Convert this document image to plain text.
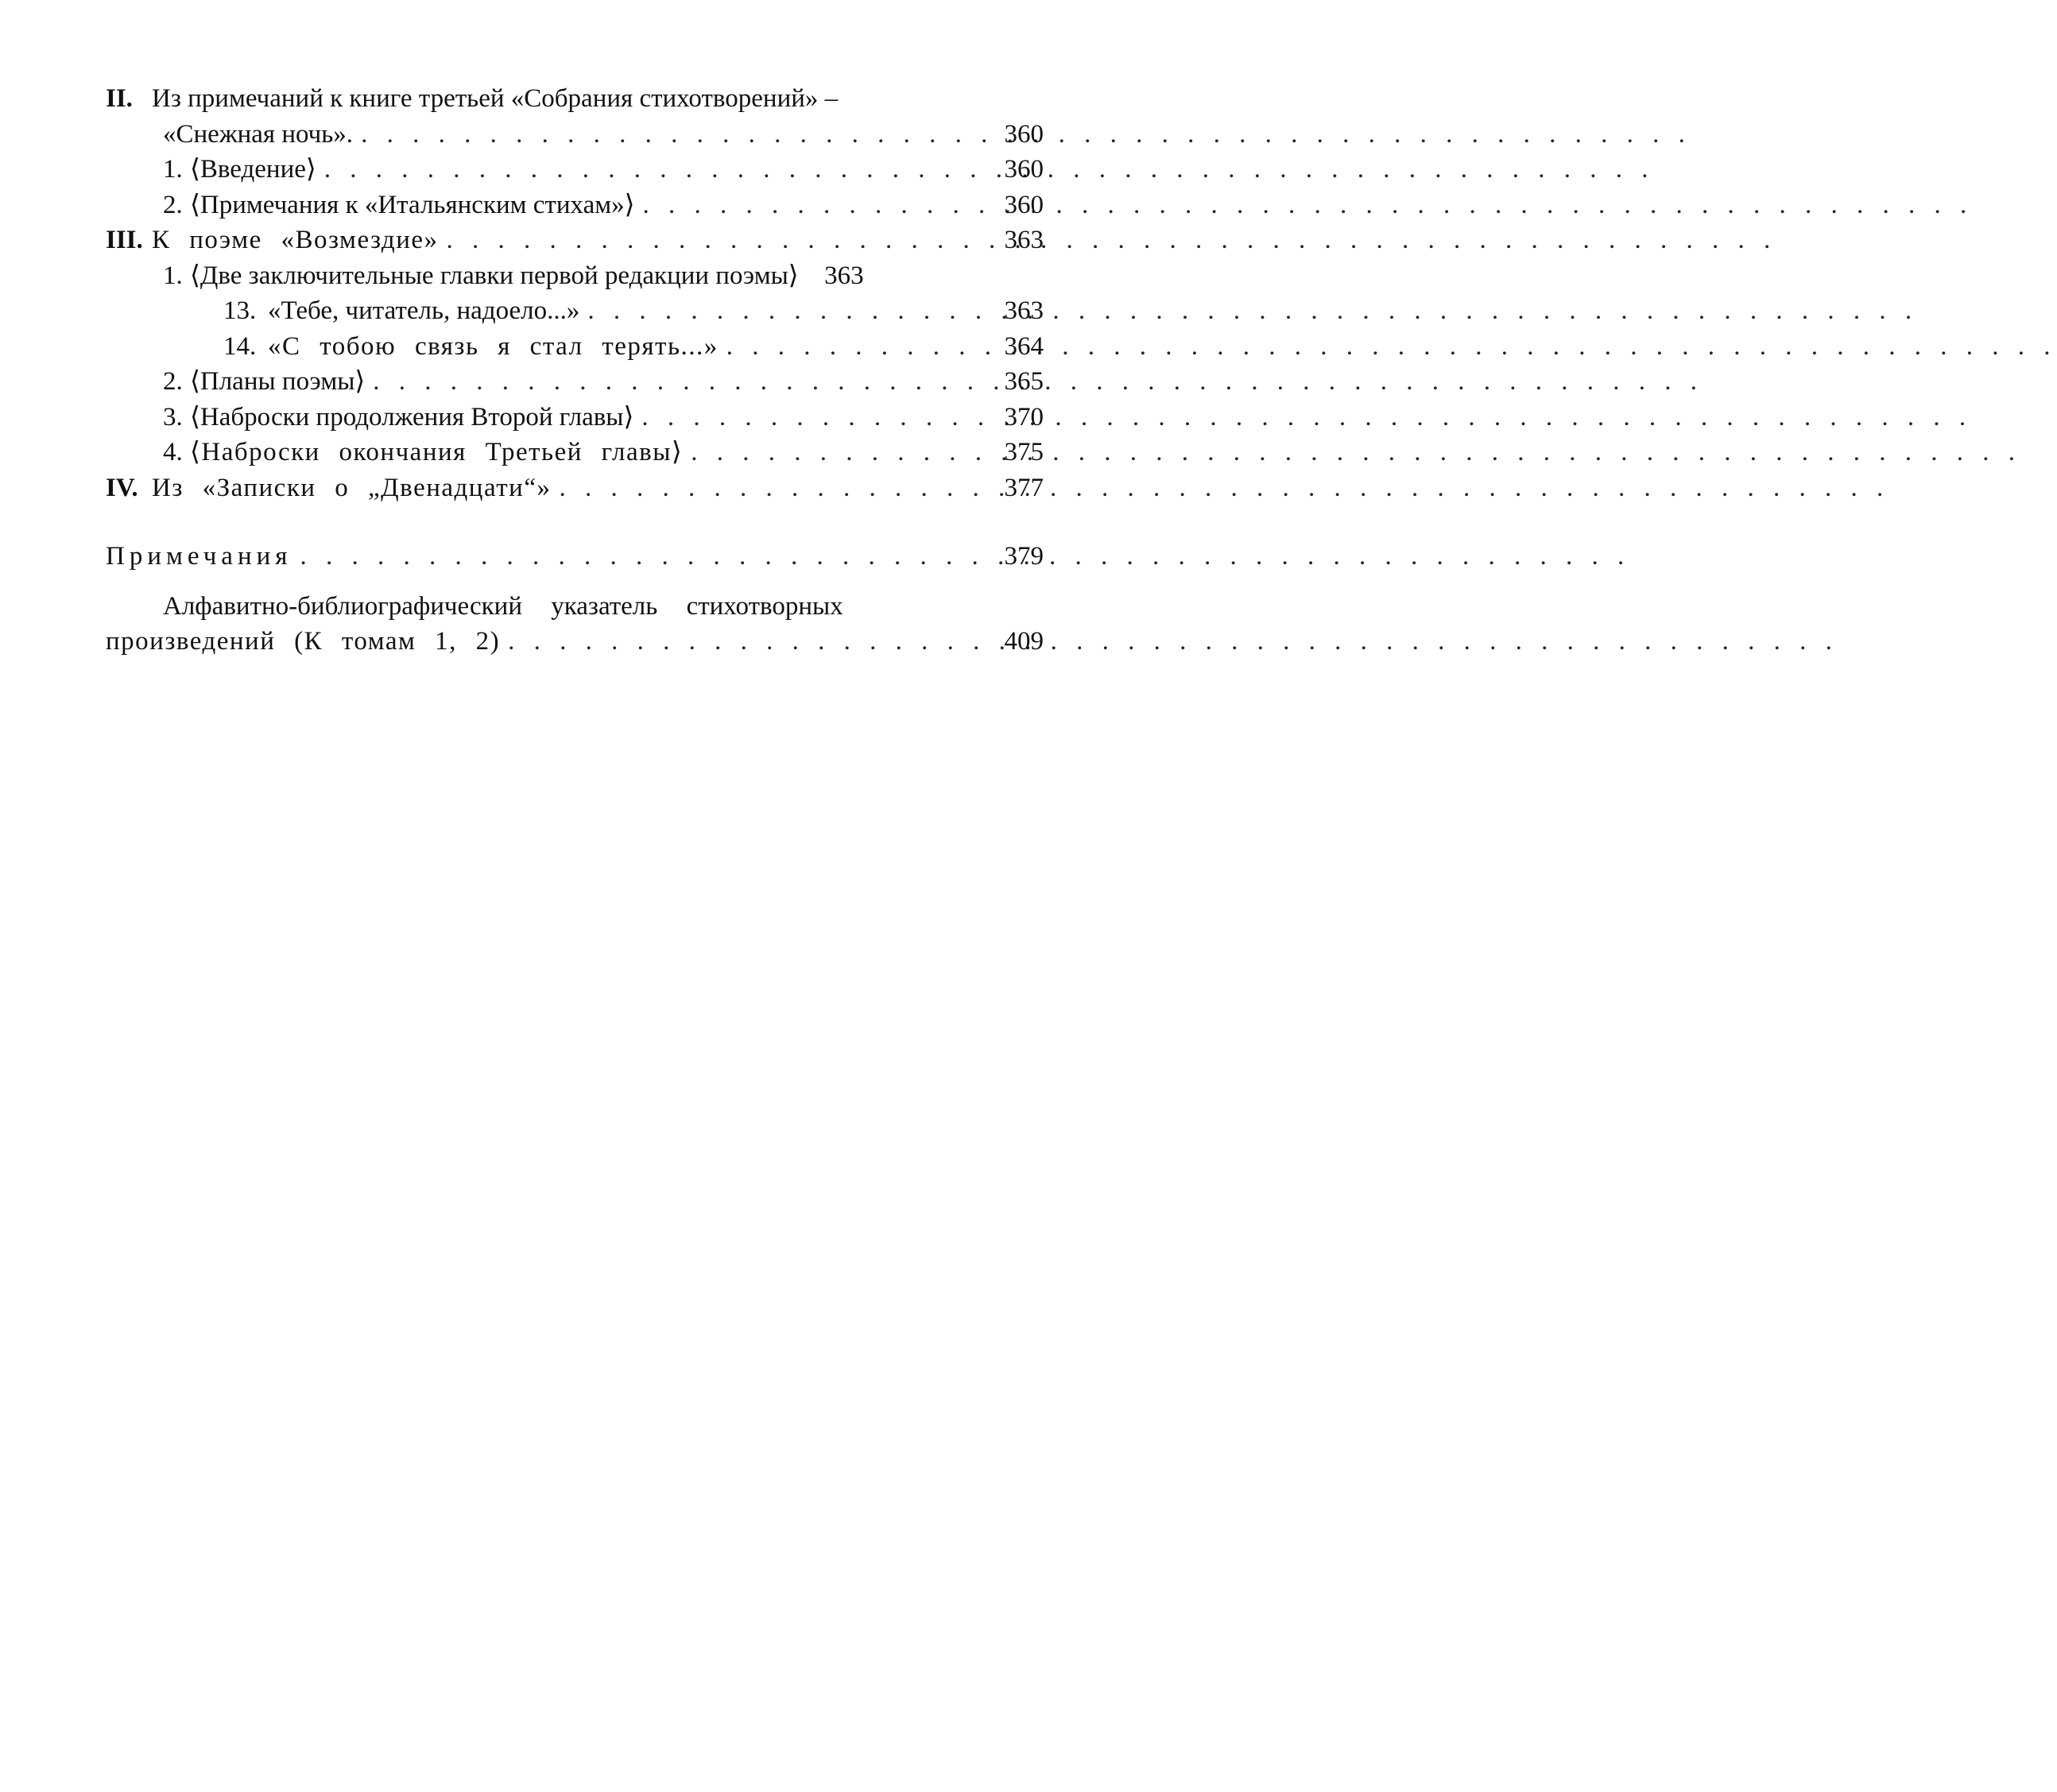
II. Из примечаний к книге третьей «Собрания стихотворений» –
«Снежная ночь». . . .	360
1. ⟨Введение⟩ . . .	360
2. ⟨Примечания к «Итальянским стихам»⟩ . . .	360
III. К поэме «Возмездие» . . .	363
1. ⟨Две заключительные главки первой редакции поэмы⟩ 363
13. «Тебе, читатель, надоело...» . . .	363
14. «С тобою связь я стал терять...» . . .	364
2. ⟨Планы поэмы⟩ . . .	365
3. ⟨Наброски продолжения Второй главы⟩ . . .	370
4. ⟨Наброски окончания Третьей главы⟩ . . .	375
IV. Из «Записки о „Двенадцати“» . . .	377
Примечания . . .	379
Алфавитно-библиографический указатель стихотворных
произведений (К томам 1, 2) . . .	409
